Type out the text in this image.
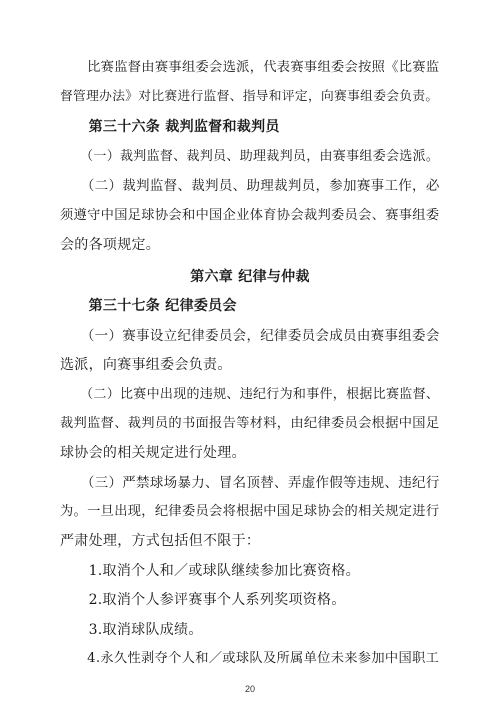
　　比赛监督由赛事组委会选派，代表赛事组委会按照《比赛监
督管理办法》对比赛进行监督、指导和评定，向赛事组委会负责。
　　第三十六条 裁判监督和裁判员
　　（一）裁判监督、裁判员、助理裁判员，由赛事组委会选派。
　　（二）裁判监督、裁判员、助理裁判员，参加赛事工作，必
须遵守中国足球协会和中国企业体育协会裁判委员会、赛事组委
会的各项规定。
第六章 纪律与仲裁
　　第三十七条 纪律委员会
　　（一）赛事设立纪律委员会，纪律委员会成员由赛事组委会
选派，向赛事组委会负责。
　　（二）比赛中出现的违规、违纪行为和事件，根据比赛监督、
裁判监督、裁判员的书面报告等材料，由纪律委员会根据中国足
球协会的相关规定进行处理。
　　（三）严禁球场暴力、冒名顶替、弄虚作假等违规、违纪行
为。一旦出现，纪律委员会将根据中国足球协会的相关规定进行
严肃处理，方式包括但不限于：
　　1.取消个人和／或球队继续参加比赛资格。
　　2.取消个人参评赛事个人系列奖项资格。
　　3.取消球队成绩。
　　4.永久性剥夺个人和／或球队及所属单位未来参加中国职工
20
